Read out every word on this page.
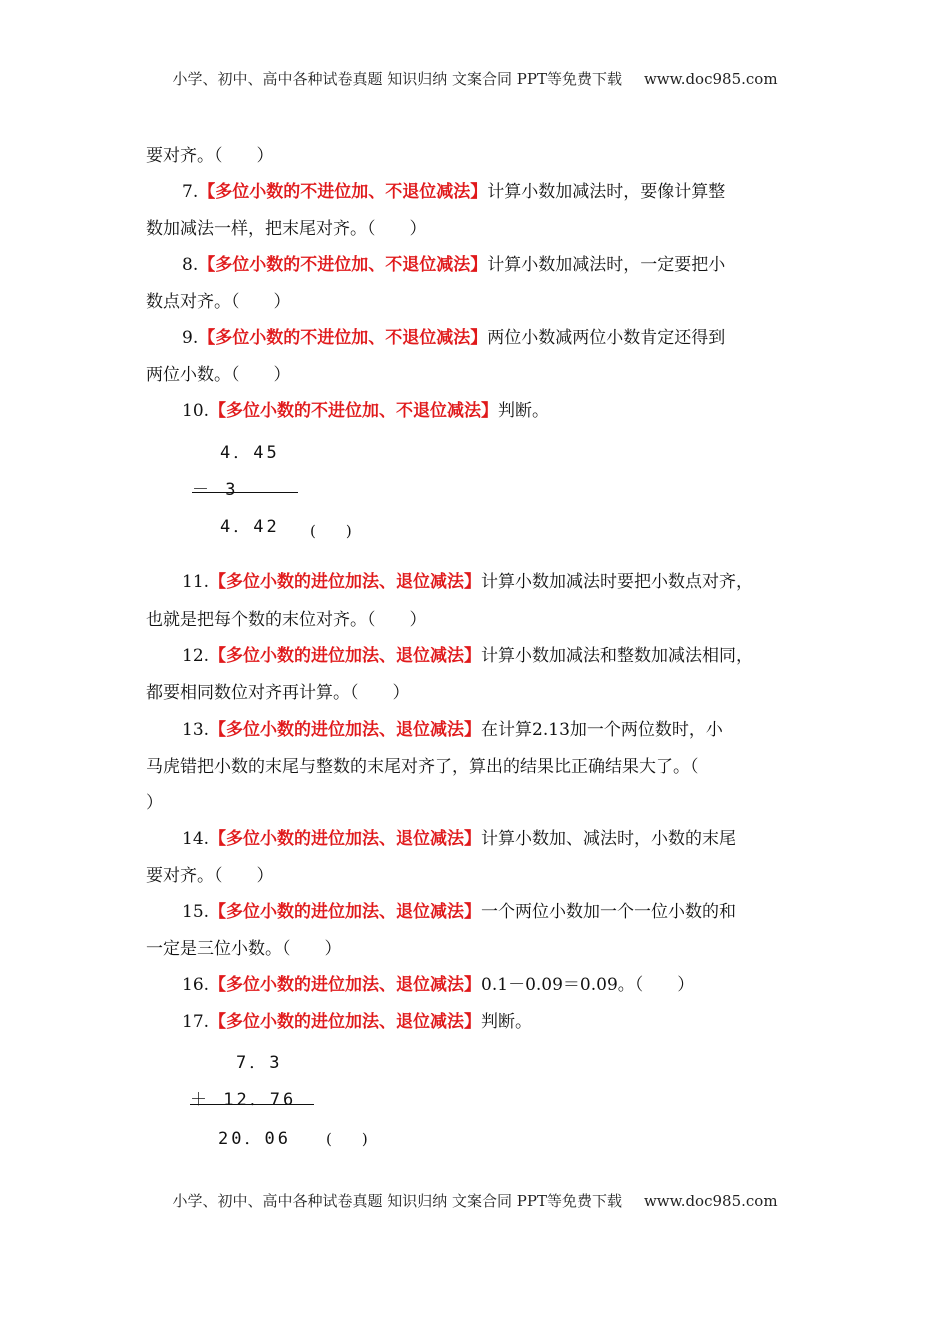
小学、初中、高中各种试卷真题 知识归纳 文案合同 PPT等免费下载 www.doc985.com
要对齐。（　　）
7.【多位小数的不进位加、不退位减法】计算小数加减法时，要像计算整
数加减法一样，把末尾对齐。（　　）
8.【多位小数的不进位加、不退位减法】计算小数加减法时，一定要把小
数点对齐。（　　）
9.【多位小数的不进位加、不退位减法】两位小数减两位小数肯定还得到
两位小数。（　　）
10.【多位小数的不进位加、不退位减法】判断。
4．45
－ 3
4．42 (　　)
11.【多位小数的进位加法、退位减法】计算小数加减法时要把小数点对齐，
也就是把每个数的末位对齐。（　　）
12.【多位小数的进位加法、退位减法】计算小数加减法和整数加减法相同，
都要相同数位对齐再计算。（　　）
13.【多位小数的进位加法、退位减法】在计算2.13加一个两位数时，小
马虎错把小数的末尾与整数的末尾对齐了，算出的结果比正确结果大了。（
）
14.【多位小数的进位加法、退位减法】计算小数加、减法时，小数的末尾
要对齐。（　　）
15.【多位小数的进位加法、退位减法】一个两位小数加一个一位小数的和
一定是三位小数。（　　）
16.【多位小数的进位加法、退位减法】0.1－0.09＝0.09。（　　）
17.【多位小数的进位加法、退位减法】判断。
7．3
＋ 12．76
20．06 (　　)
小学、初中、高中各种试卷真题 知识归纳 文案合同 PPT等免费下载 www.doc985.com
